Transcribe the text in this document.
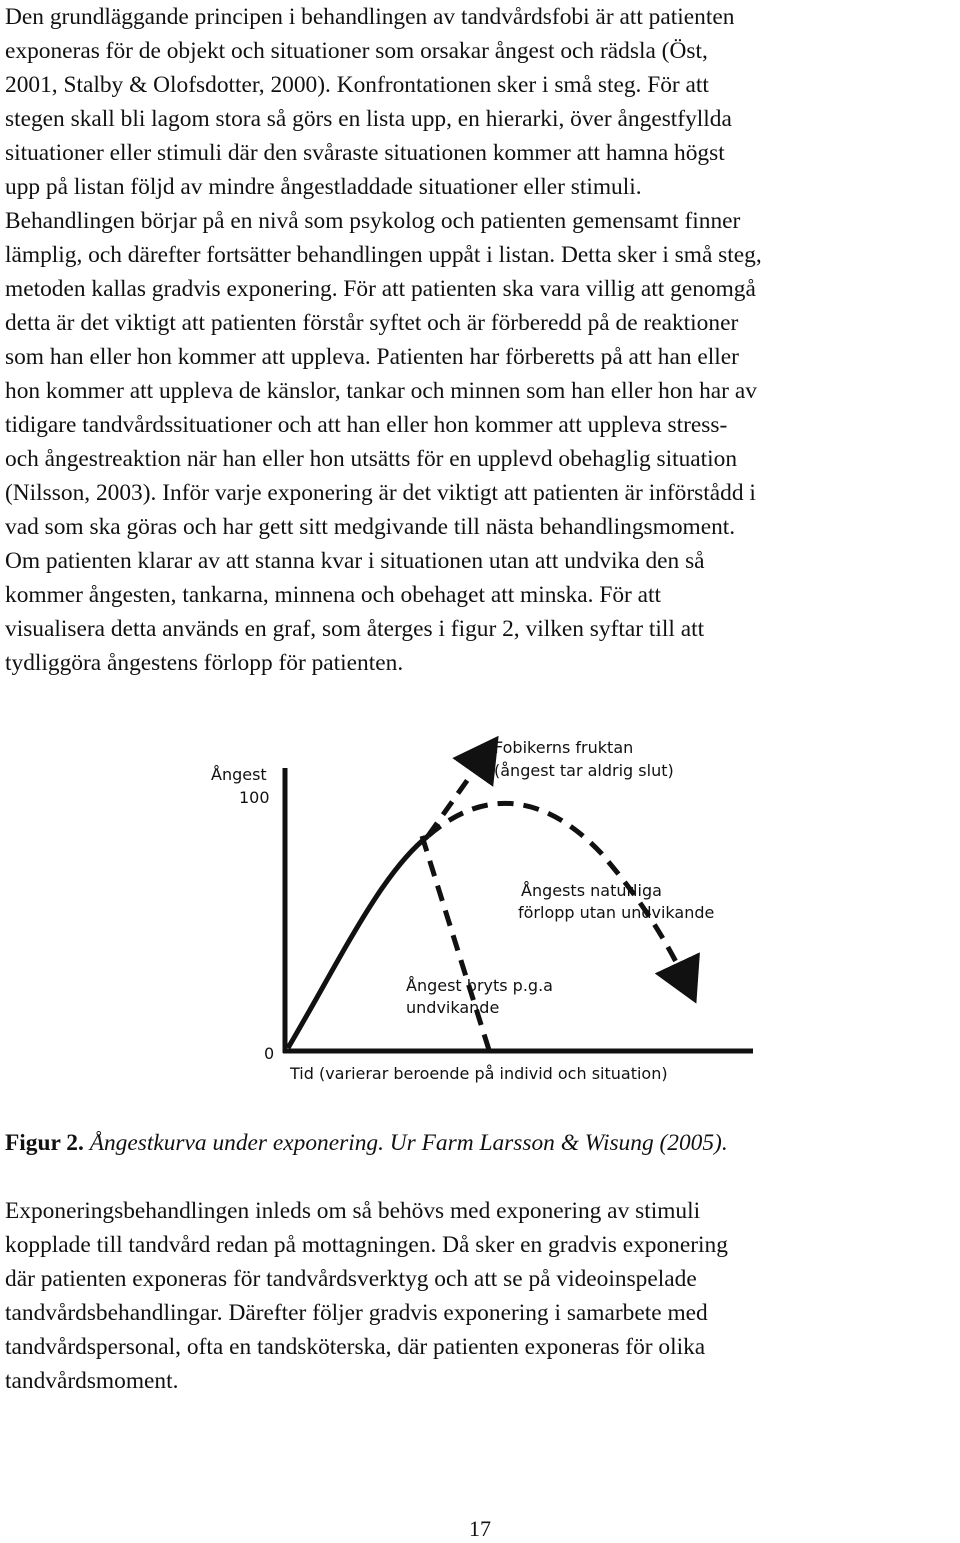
Den grundläggande principen i behandlingen av tandvårdsfobi är att patienten
exponeras för de objekt och situationer som orsakar ångest och rädsla (Öst,
2001, Stalby & Olofsdotter, 2000). Konfrontationen sker i små steg. För att
stegen skall bli lagom stora så görs en lista upp, en hierarki, över ångestfyllda
situationer eller stimuli där den svåraste situationen kommer att hamna högst
upp på listan följd av mindre ångestladdade situationer eller stimuli.
Behandlingen börjar på en nivå som psykolog och patienten gemensamt finner
lämplig, och därefter fortsätter behandlingen uppåt i listan. Detta sker i små steg,
metoden kallas gradvis exponering. För att patienten ska vara villig att genomgå
detta är det viktigt att patienten förstår syftet och är förberedd på de reaktioner
som han eller hon kommer att uppleva. Patienten har förberetts på att han eller
hon kommer att uppleva de känslor, tankar och minnen som han eller hon har av
tidigare tandvårdssituationer och att han eller hon kommer att uppleva stress-
och ångestreaktion när han eller hon utsätts för en upplevd obehaglig situation
(Nilsson, 2003). Inför varje exponering är det viktigt att patienten är införstådd i
vad som ska göras och har gett sitt medgivande till nästa behandlingsmoment.
Om patienten klarar av att stanna kvar i situationen utan att undvika den så
kommer ångesten, tankarna, minnena och obehaget att minska. För att
visualisera detta används en graf, som återges i figur 2, vilken syftar till att
tydliggöra ångestens förlopp för patienten.
Ångest
100
0
Tid (varierar beroende på individ och situation)
Fobikerns fruktan
(ångest tar aldrig slut)
Ångests naturliga
förlopp utan undvikande
Ångest bryts p.g.a
undvikande
Figur 2. Ångestkurva under exponering. Ur Farm Larsson & Wisung (2005).
Exponeringsbehandlingen inleds om så behövs med exponering av stimuli
kopplade till tandvård redan på mottagningen. Då sker en gradvis exponering
där patienten exponeras för tandvårdsverktyg och att se på videoinspelade
tandvårdsbehandlingar. Därefter följer gradvis exponering i samarbete med
tandvårdspersonal, ofta en tandsköterska, där patienten exponeras för olika
tandvårdsmoment.
17
